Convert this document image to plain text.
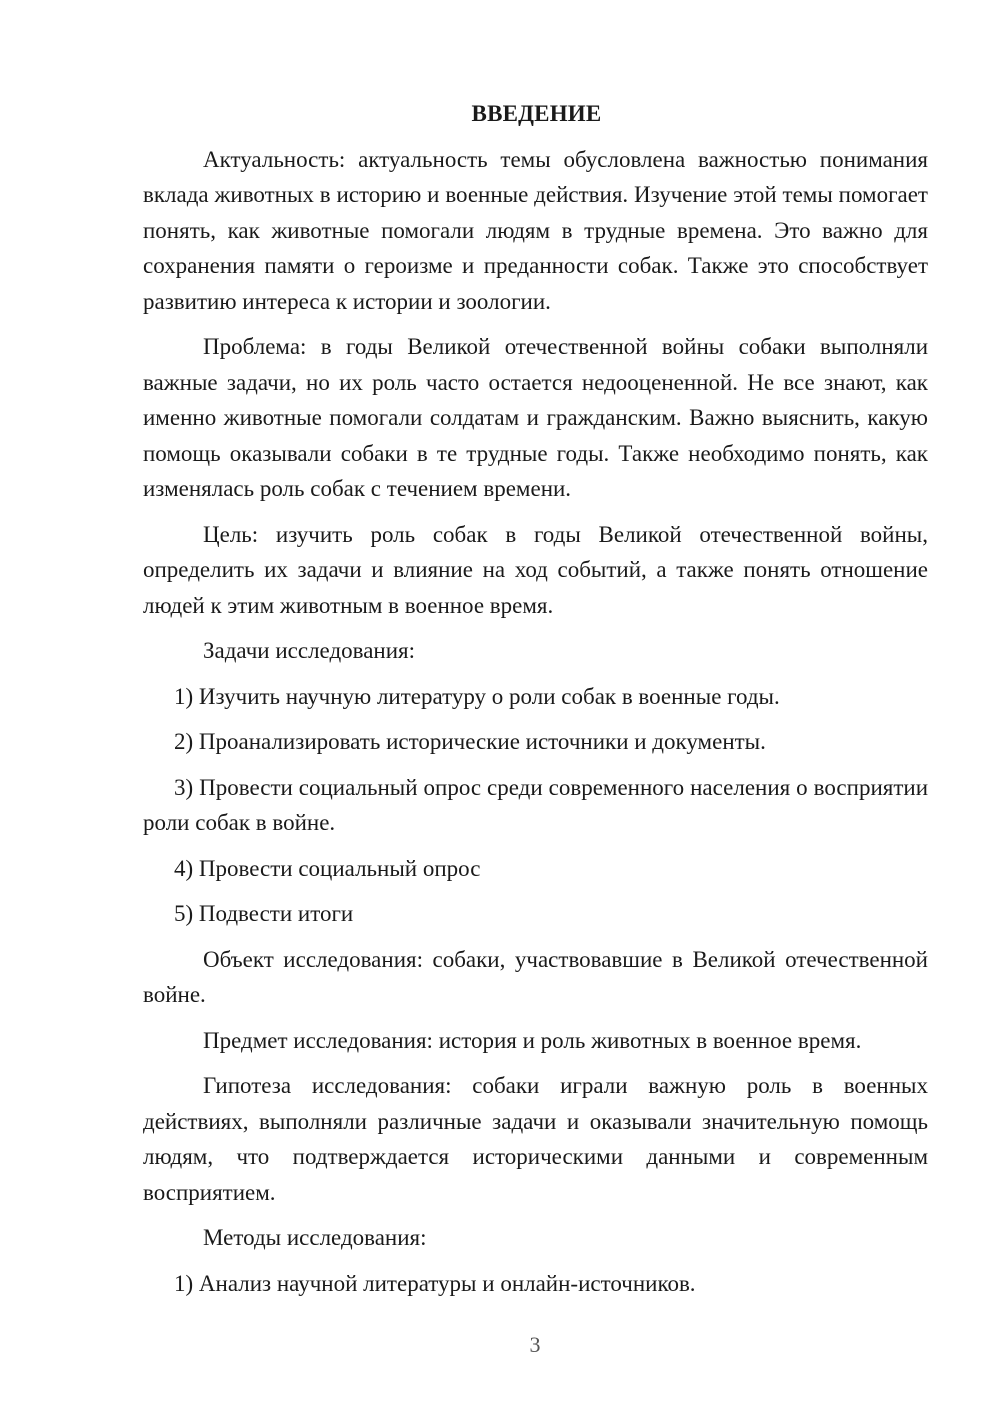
ВВЕДЕНИЕ

Актуальность: актуальность темы обусловлена важностью понимания вклада животных в историю и военные действия. Изучение этой темы помогает понять, как животные помогали людям в трудные времена. Это важно для сохранения памяти о героизме и преданности собак. Также это способствует развитию интереса к истории и зоологии.

Проблема: в годы Великой отечественной войны собаки выполняли важные задачи, но их роль часто остается недооцененной. Не все знают, как именно животные помогали солдатам и гражданским. Важно выяснить, какую помощь оказывали собаки в те трудные годы. Также необходимо понять, как изменялась роль собак с течением времени.

Цель: изучить роль собак в годы Великой отечественной войны, определить их задачи и влияние на ход событий, а также понять отношение людей к этим животным в военное время.

Задачи исследования:

1) Изучить научную литературу о роли собак в военные годы.

2) Проанализировать исторические источники и документы.

3) Провести социальный опрос среди современного населения о восприятии роли собак в войне.

4) Провести социальный опрос

5) Подвести итоги

Объект исследования: собаки, участвовавшие в Великой отечественной войне.

Предмет исследования: история и роль животных в военное время.

Гипотеза исследования: собаки играли важную роль в военных действиях, выполняли различные задачи и оказывали значительную помощь людям, что подтверждается историческими данными и современным восприятием.

Методы исследования:

1) Анализ научной литературы и онлайн-источников.

3
